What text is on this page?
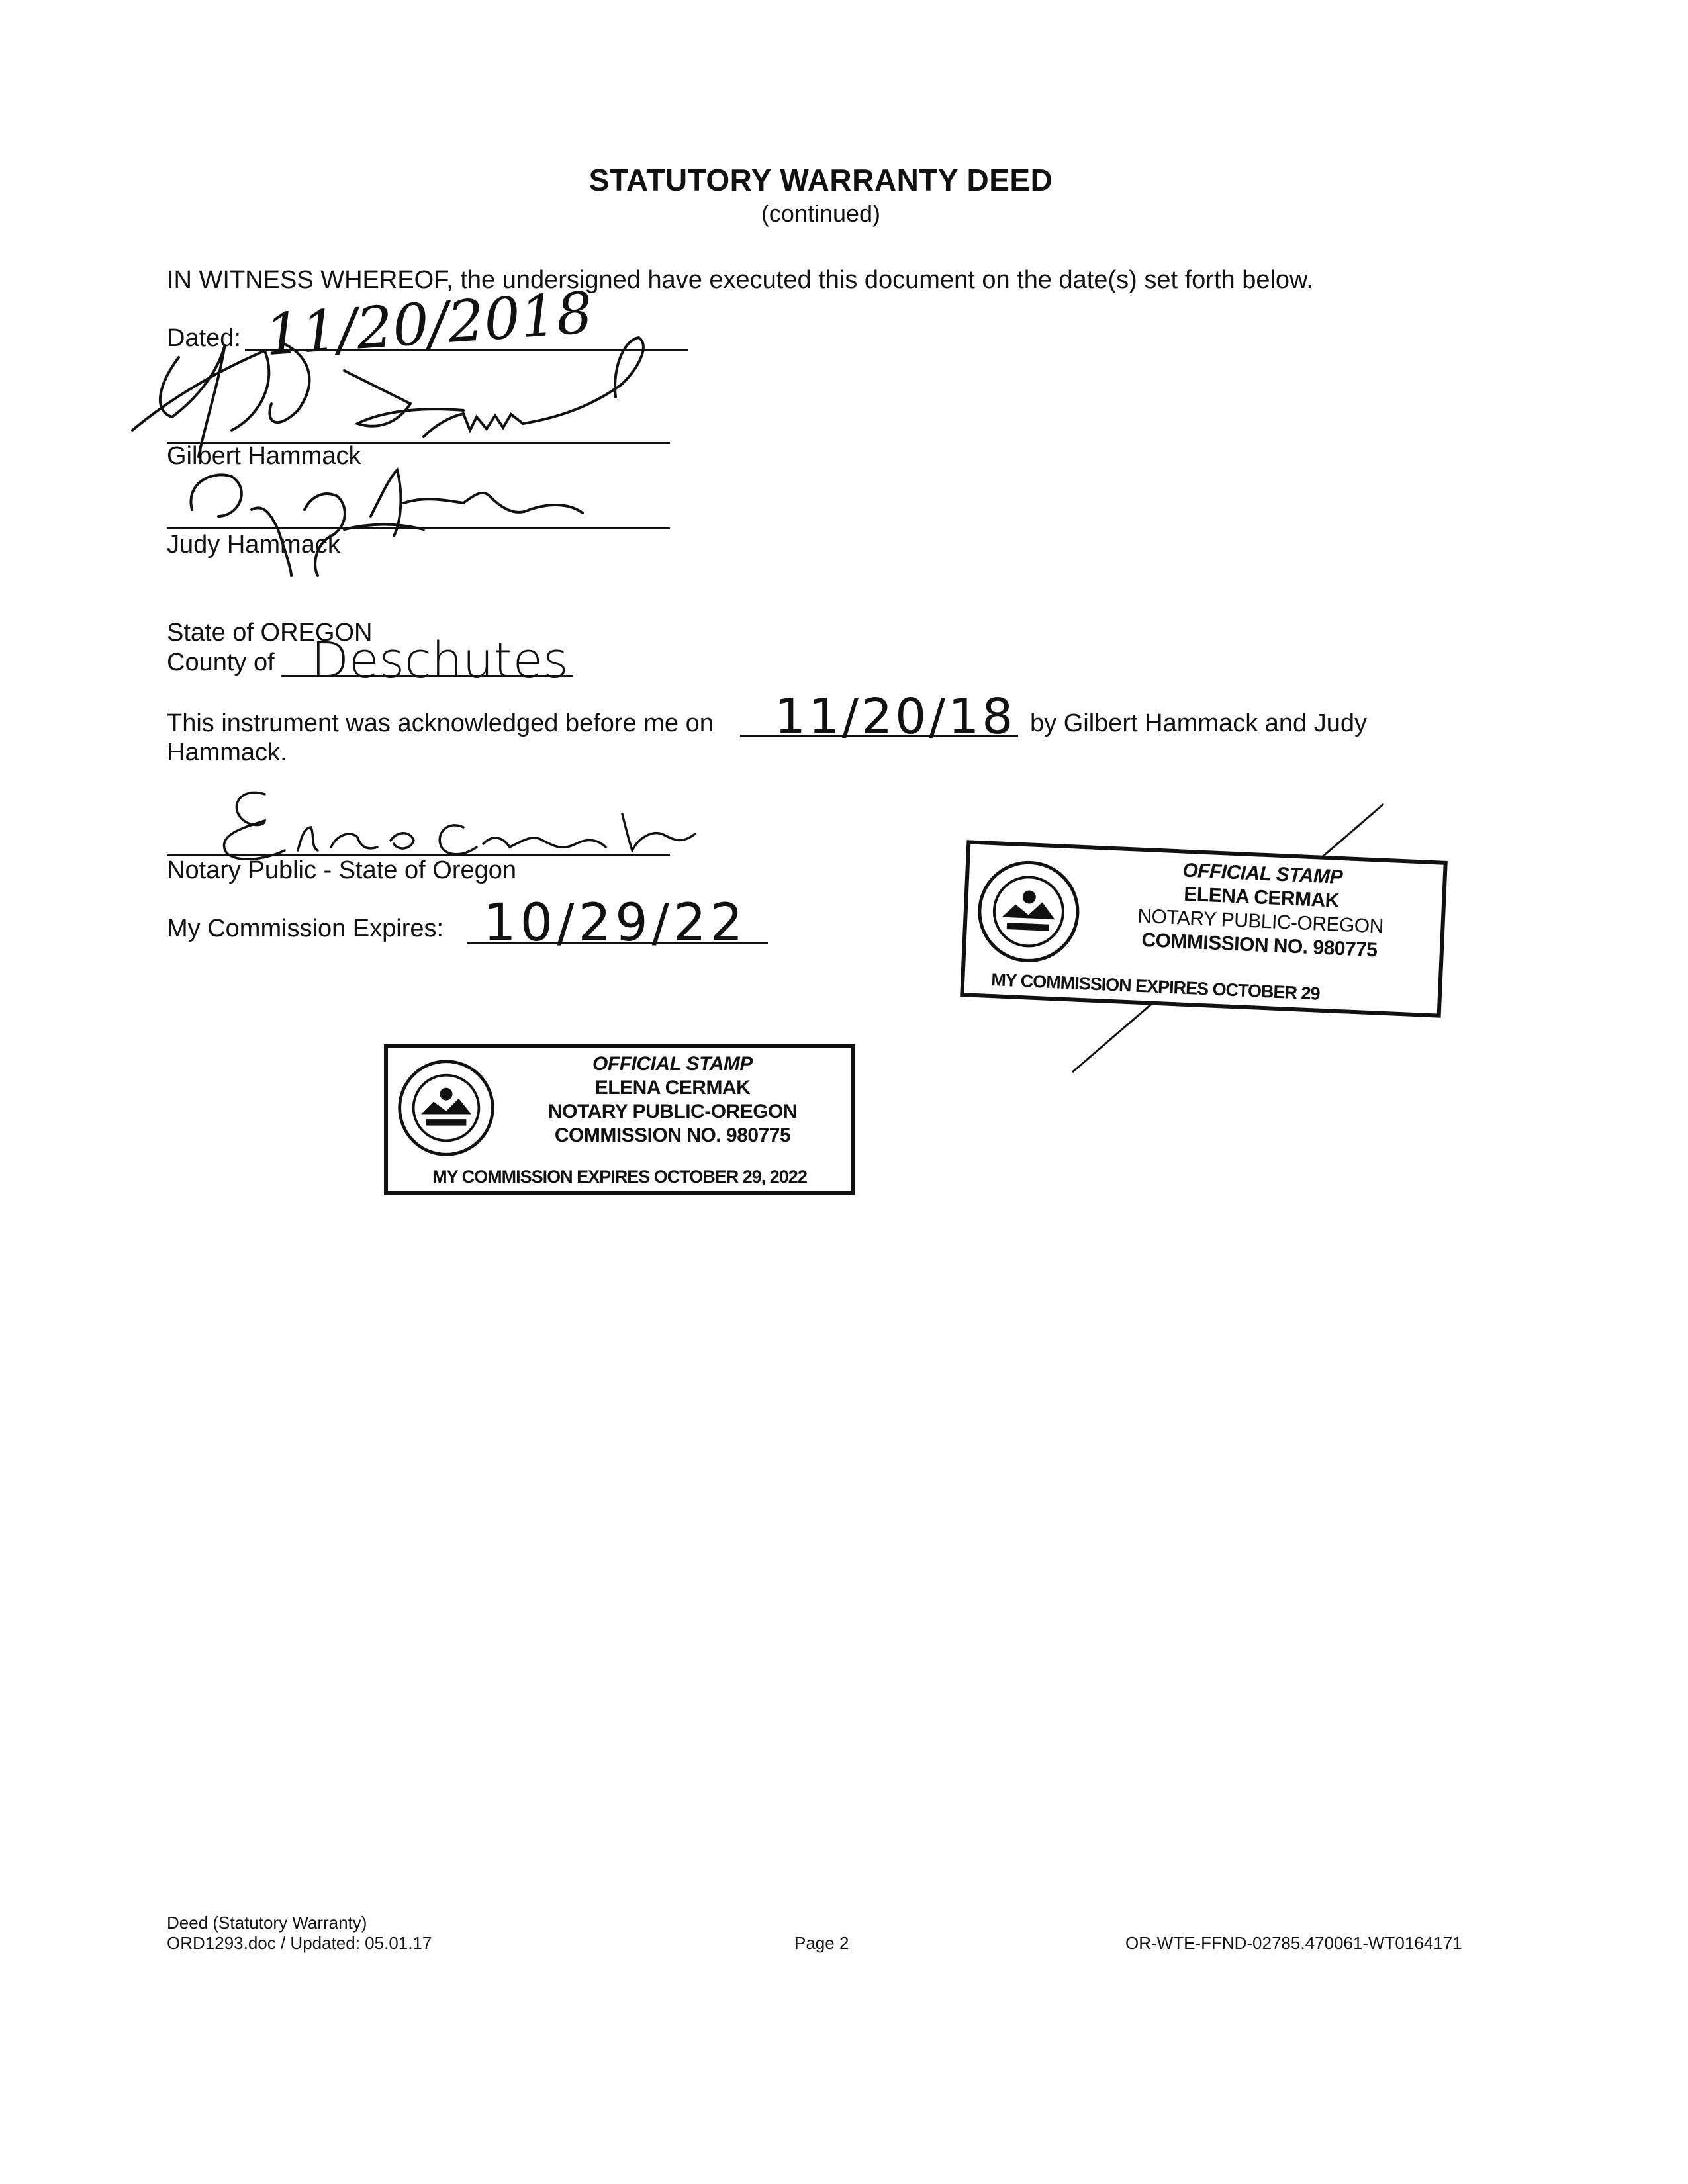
STATUTORY WARRANTY DEED
(continued)
IN WITNESS WHEREOF, the undersigned have executed this document on the date(s) set forth below.
Dated: 11/20/2018
Gilbert Hammack
Judy Hammack
State of OREGON
County of Deschutes
This instrument was acknowledged before me on 11/20/18 by Gilbert Hammack and Judy
Hammack.
Notary Public - State of Oregon
My Commission Expires: 10/29/22
OFFICIAL STAMP
ELENA CERMAK
NOTARY PUBLIC-OREGON
COMMISSION NO. 980775
MY COMMISSION EXPIRES OCTOBER 29
OFFICIAL STAMP
ELENA CERMAK
NOTARY PUBLIC-OREGON
COMMISSION NO. 980775
MY COMMISSION EXPIRES OCTOBER 29, 2022
Deed (Statutory Warranty)
ORD1293.doc / Updated: 05.01.17	Page 2	OR-WTE-FFND-02785.470061-WT0164171
